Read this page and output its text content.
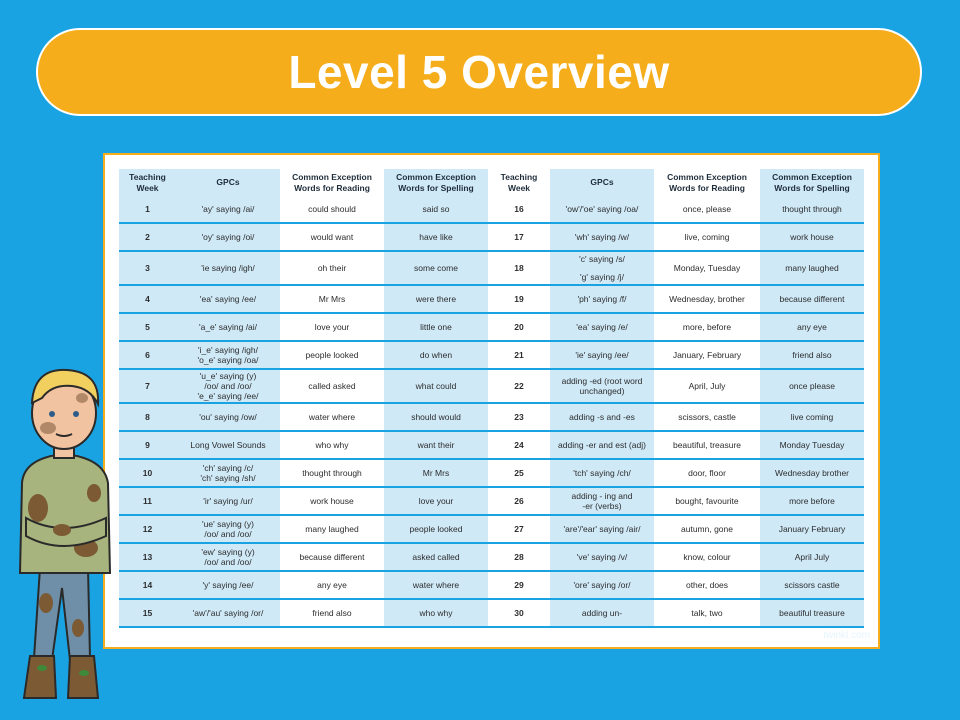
Level 5 Overview
Teaching Week	GPCs	Common Exception Words for Reading	Common Exception Words for Spelling	Teaching Week	GPCs	Common Exception Words for Reading	Common Exception Words for Spelling
1	'ay' saying /ai/	could should	said so	16	'ow'/'oe' saying /oa/	once, please	thought through
2	'oy' saying /oi/	would want	have like	17	'wh' saying /w/	live, coming	work house
3	'ie saying /igh/	oh their	some come	18	'c' saying /s/
'g' saying /j/	Monday, Tuesday	many laughed
4	'ea' saying /ee/	Mr Mrs	were there	19	'ph' saying /f/	Wednesday, brother	because different
5	'a_e' saying /ai/	love your	little one	20	'ea' saying /e/	more, before	any eye
6	'i_e' saying /igh/
'o_e' saying /oa/	people looked	do when	21	'ie' saying /ee/	January, February	friend also
7	'u_e' saying (y)
/oo/ and /oo/
'e_e' saying /ee/	called asked	what could	22	adding -ed (root word
unchanged)	April, July	once please
8	'ou' saying /ow/	water where	should would	23	adding -s and -es	scissors, castle	live coming
9	Long Vowel Sounds	who why	want their	24	adding -er and est (adj)	beautiful, treasure	Monday Tuesday
10	'ch' saying /c/
'ch' saying /sh/	thought through	Mr Mrs	25	'tch' saying /ch/	door, floor	Wednesday brother
11	'ir' saying /ur/	work house	love your	26	adding - ing and
-er (verbs)	bought, favourite	more before
12	'ue' saying (y)
/oo/ and /oo/	many laughed	people looked	27	'are'/'ear' saying /air/	autumn, gone	January February
13	'ew' saying (y)
/oo/ and /oo/	because different	asked called	28	've' saying /v/	know, colour	April July
14	'y' saying /ee/	any eye	water where	29	'ore' saying /or/	other, does	scissors castle
15	'aw'/'au' saying /or/	friend also	who why	30	adding un-	talk, two	beautiful treasure
twinkl.com
